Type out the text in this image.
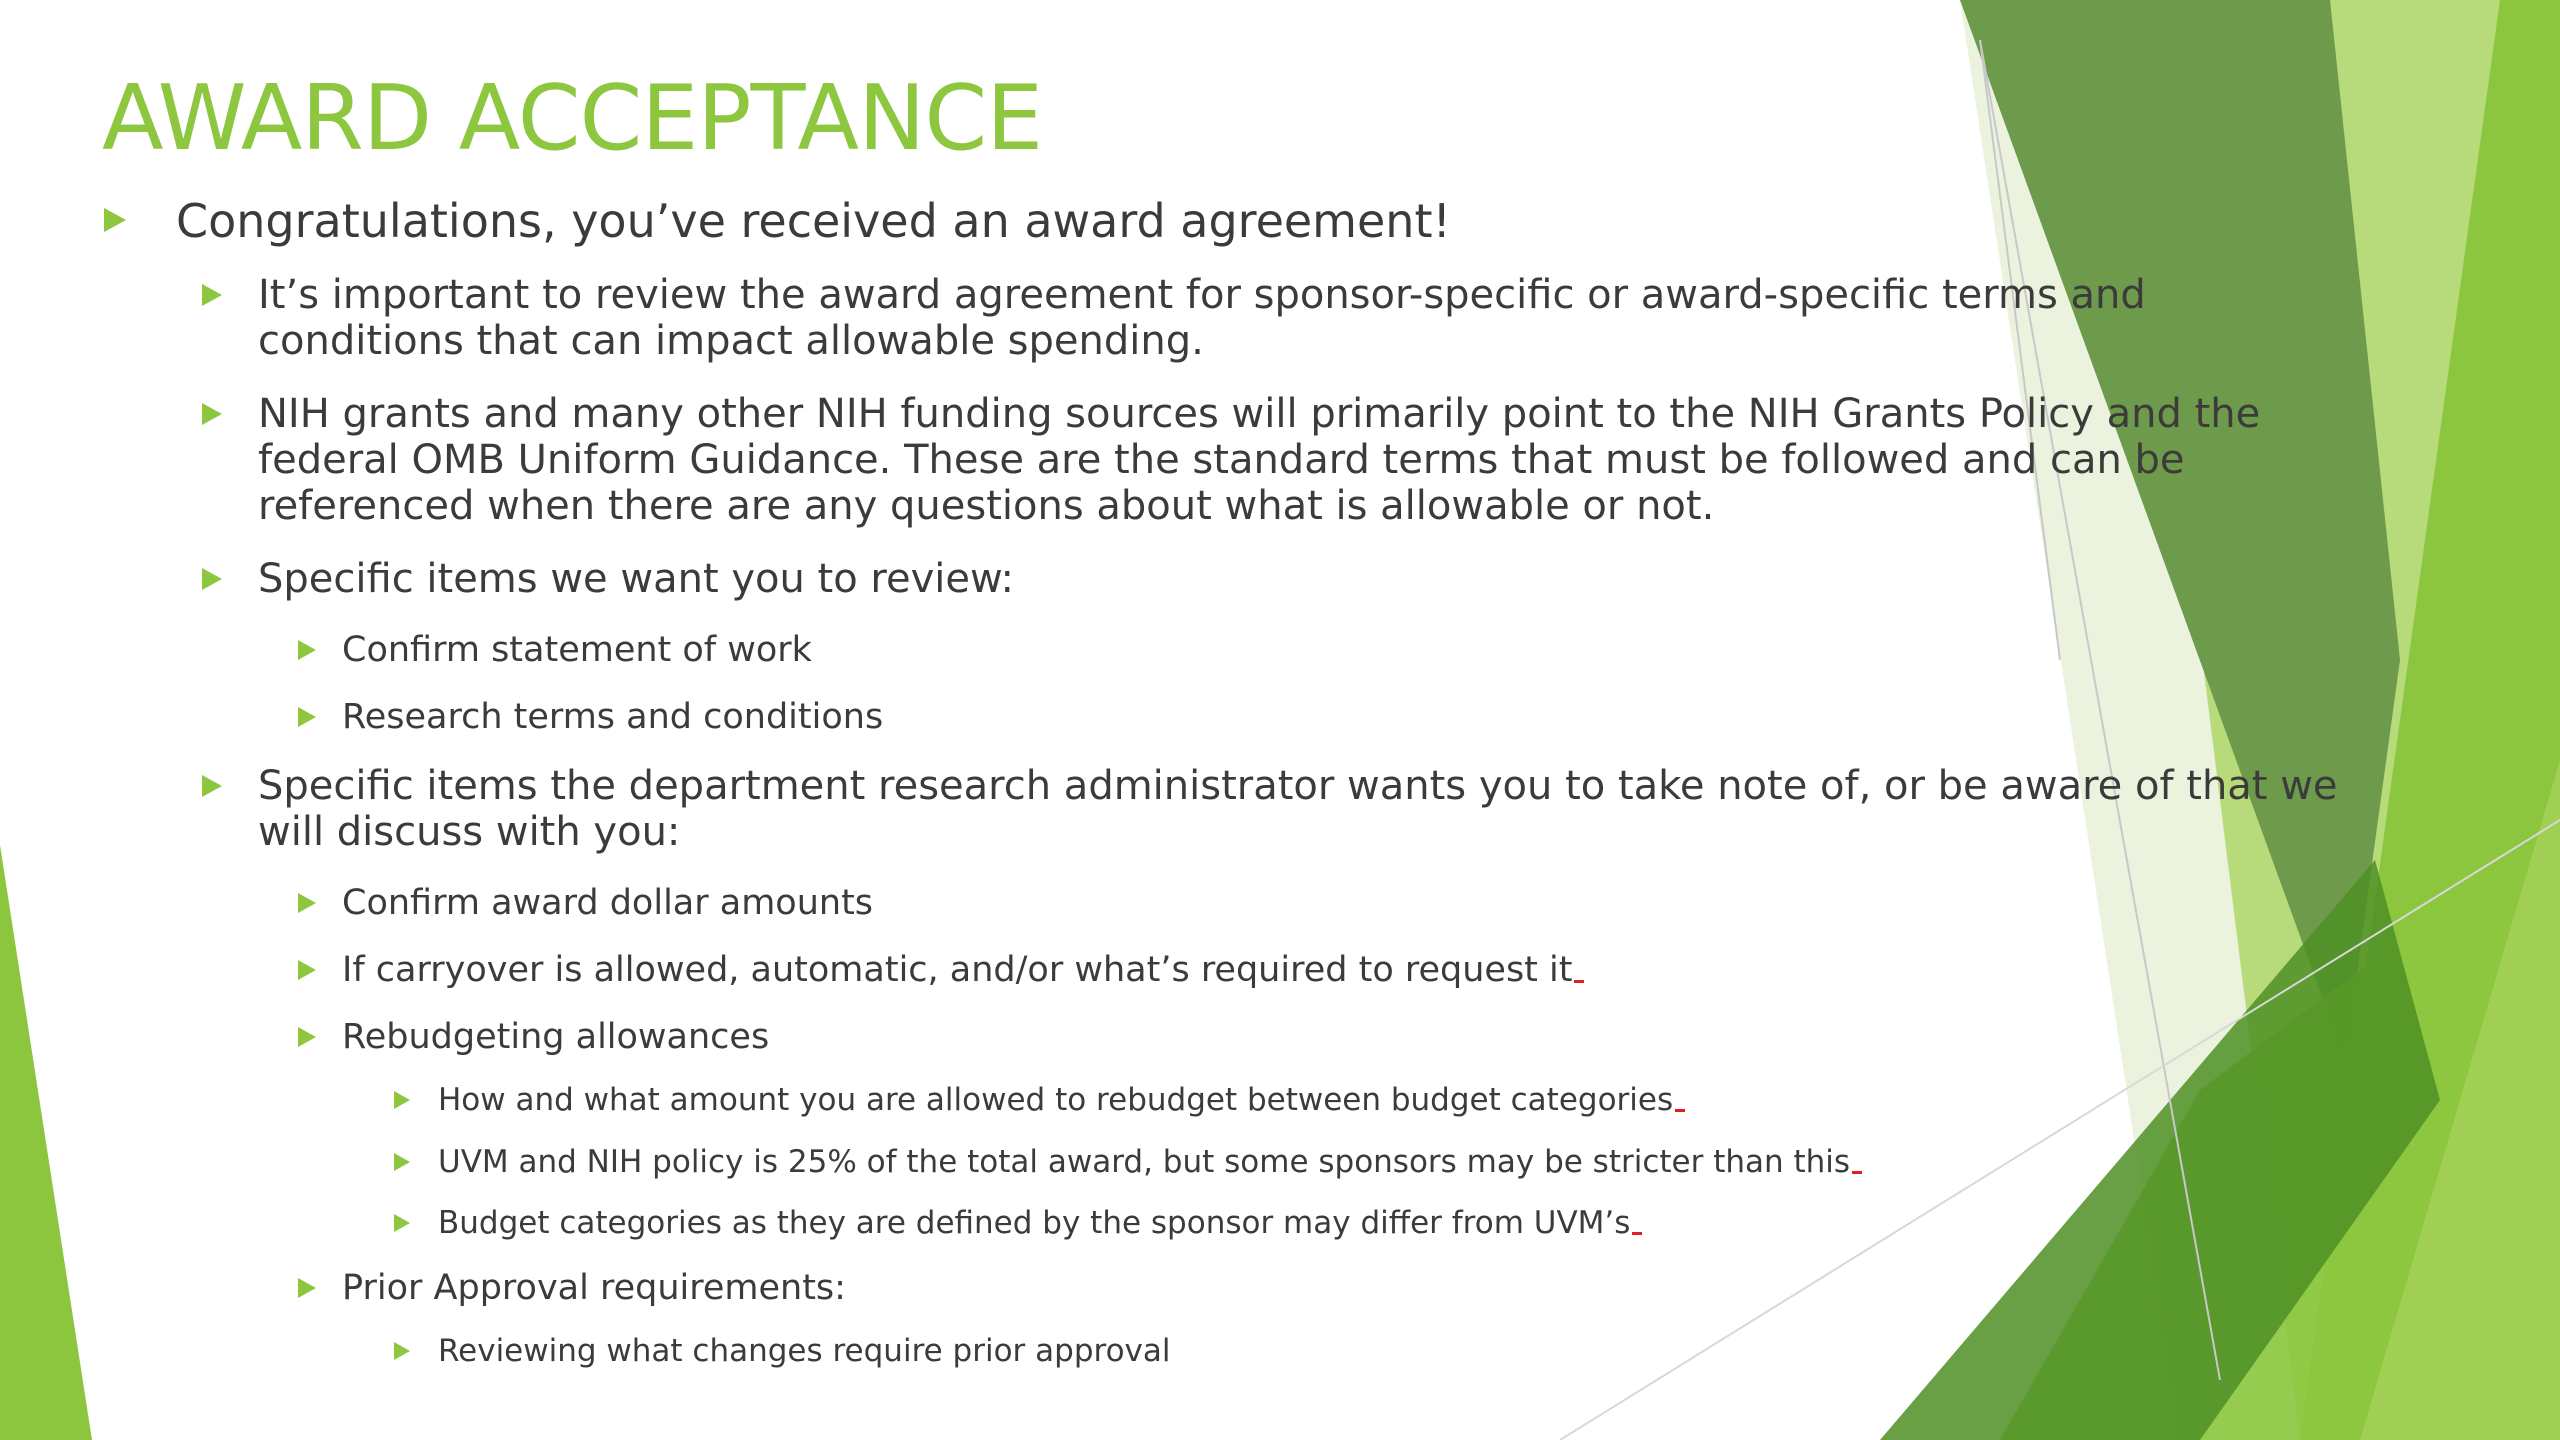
AWARD ACCEPTANCE
Congratulations, you’ve received an award agreement!
It’s important to review the award agreement for sponsor-specific or award-specific terms and
conditions that can impact allowable spending.
NIH grants and many other NIH funding sources will primarily point to the NIH Grants Policy and the
federal OMB Uniform Guidance. These are the standard terms that must be followed and can be
referenced when there are any questions about what is allowable or not.
Specific items we want you to review:
Confirm statement of work
Research terms and conditions
Specific items the department research administrator wants you to take note of, or be aware of that we
will discuss with you:
Confirm award dollar amounts
If carryover is allowed, automatic, and/or what’s required to request it
Rebudgeting allowances
How and what amount you are allowed to rebudget between budget categories
UVM and NIH policy is 25% of the total award, but some sponsors may be stricter than this
Budget categories as they are defined by the sponsor may differ from UVM’s
Prior Approval requirements:
Reviewing what changes require prior approval
